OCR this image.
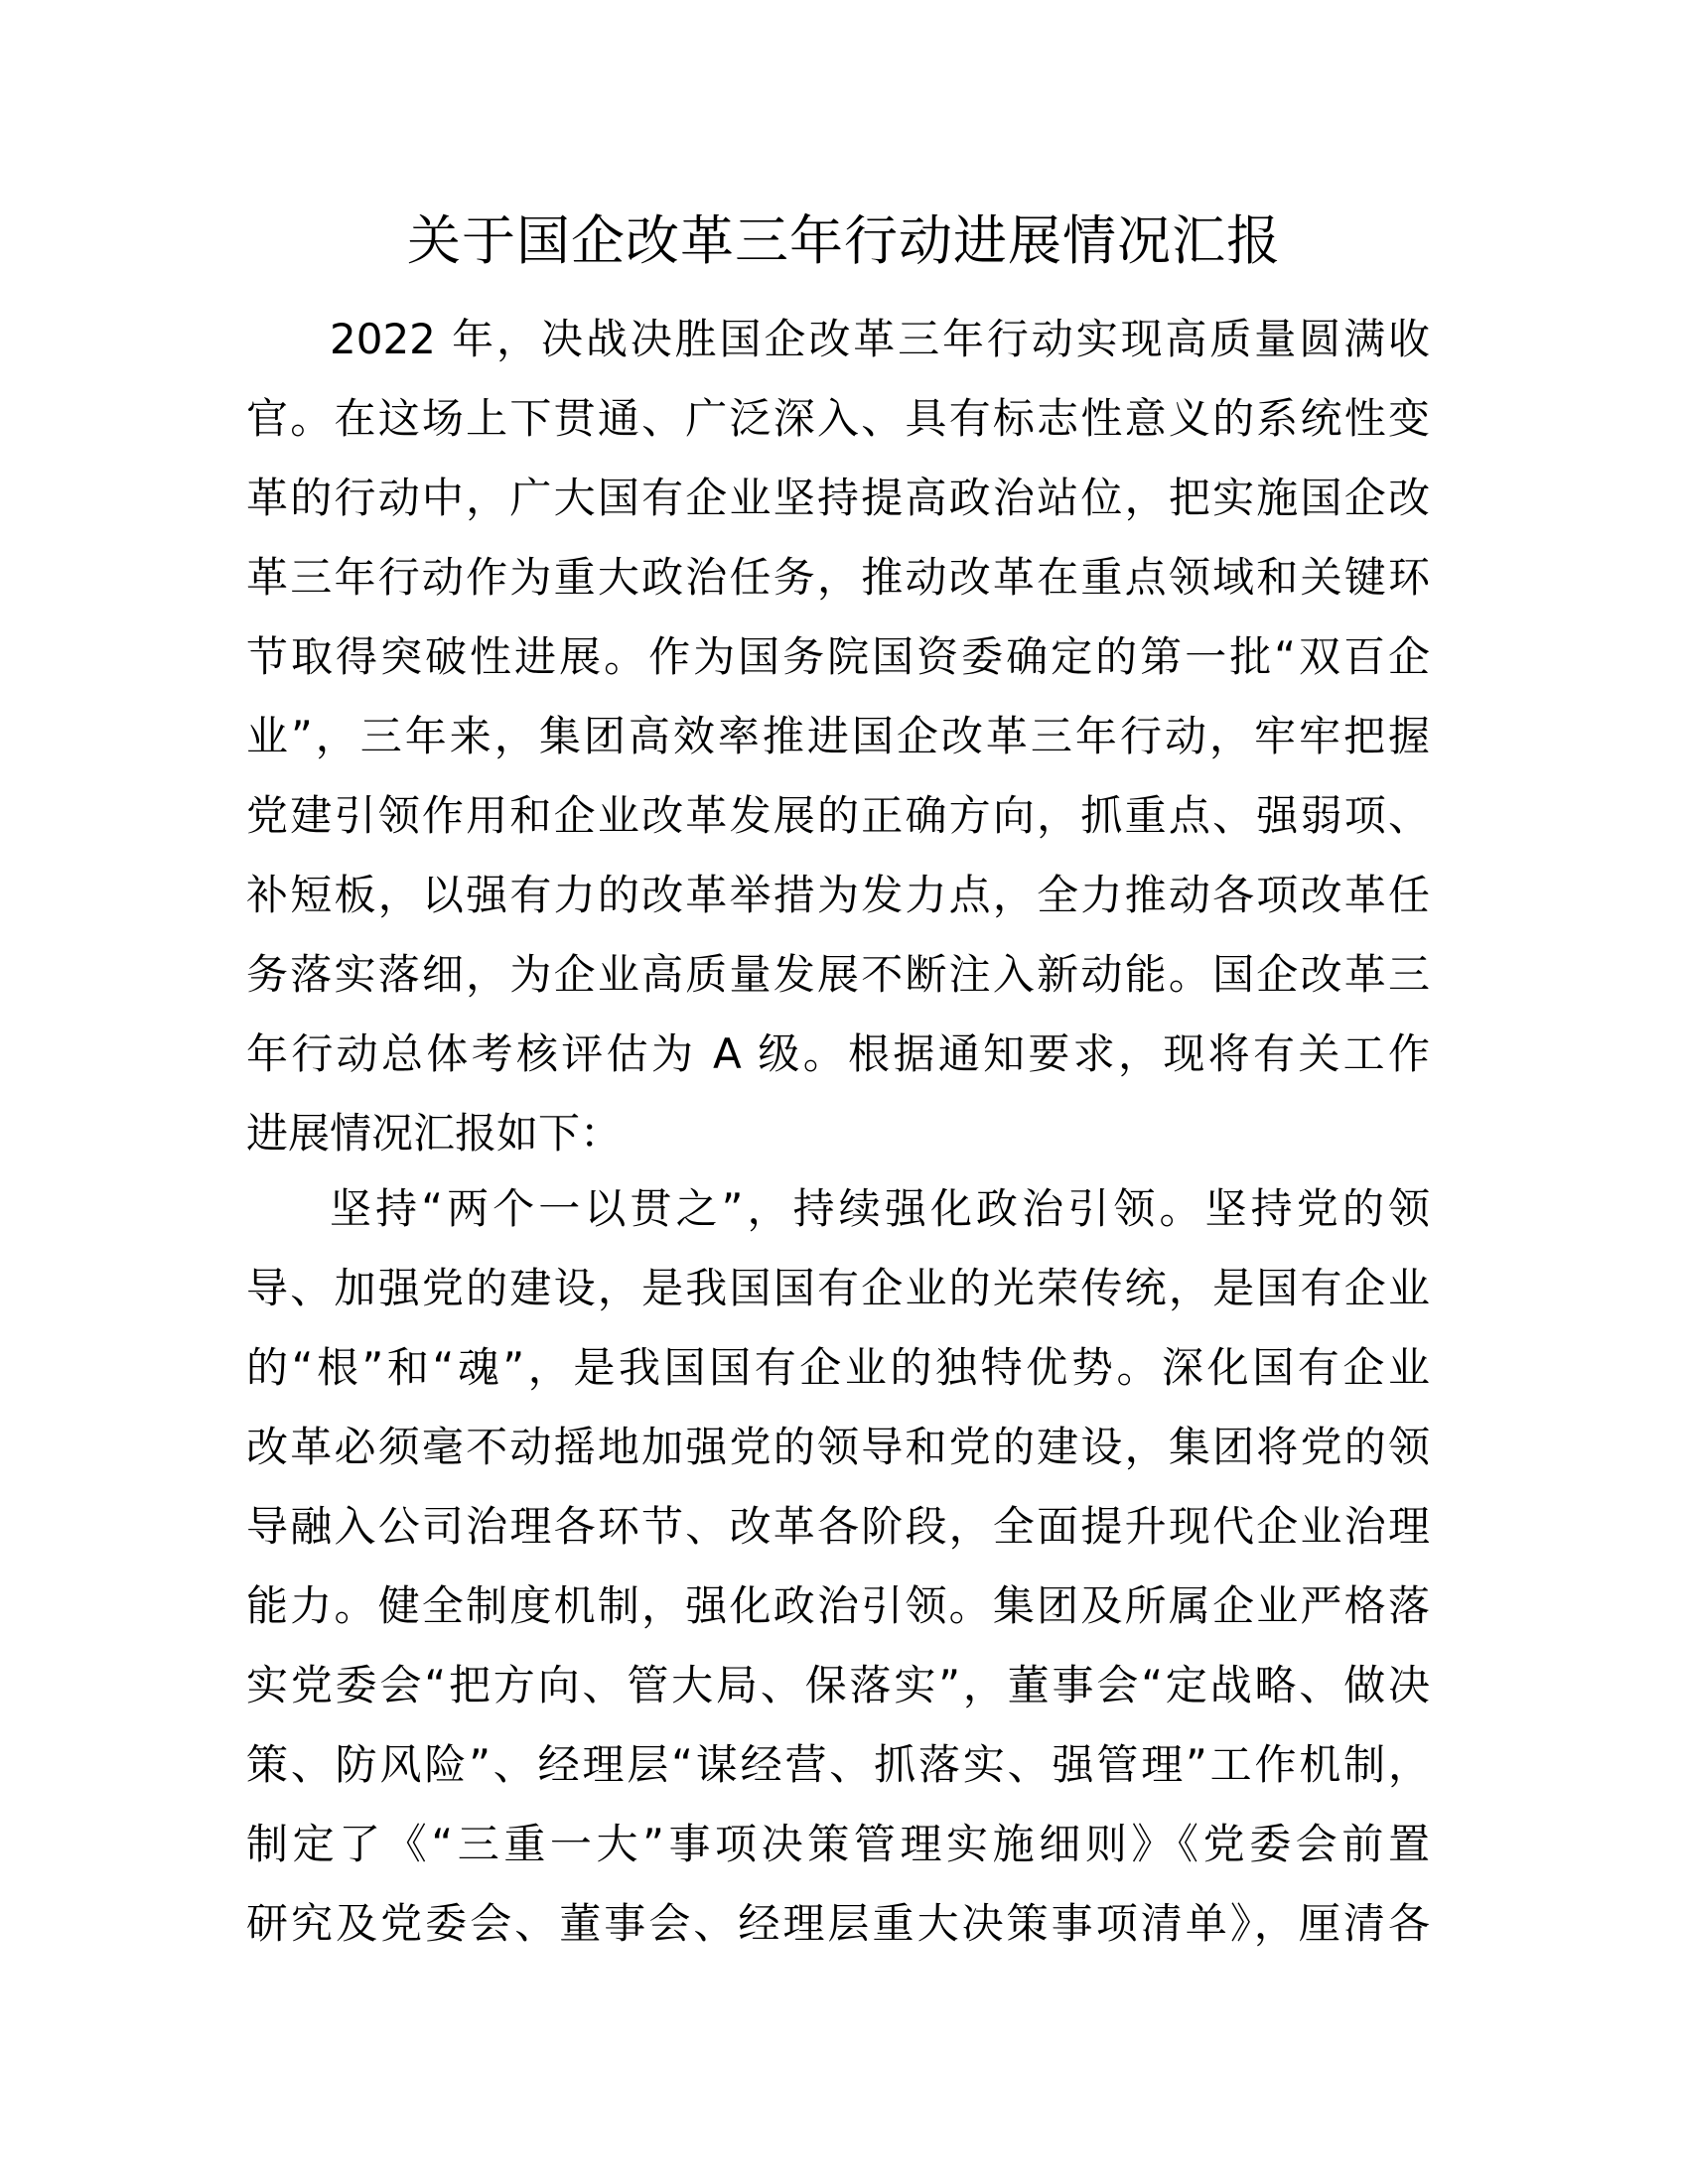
关于国企改革三年行动进展情况汇报
2022 年，决战决胜国企改革三年行动实现高质量圆满收
官。在这场上下贯通、广泛深入、具有标志性意义的系统性变
革的行动中，广大国有企业坚持提高政治站位，把实施国企改
革三年行动作为重大政治任务，推动改革在重点领域和关键环
节取得突破性进展。作为国务院国资委确定的第一批“双百企
业”，三年来，集团高效率推进国企改革三年行动，牢牢把握
党建引领作用和企业改革发展的正确方向，抓重点、强弱项、
补短板，以强有力的改革举措为发力点，全力推动各项改革任
务落实落细，为企业高质量发展不断注入新动能。国企改革三
年行动总体考核评估为 A 级。根据通知要求，现将有关工作
进展情况汇报如下：
坚持“两个一以贯之”，持续强化政治引领。坚持党的领
导、加强党的建设，是我国国有企业的光荣传统，是国有企业
的“根”和“魂”，是我国国有企业的独特优势。深化国有企业
改革必须毫不动摇地加强党的领导和党的建设，集团将党的领
导融入公司治理各环节、改革各阶段，全面提升现代企业治理
能力。健全制度机制，强化政治引领。集团及所属企业严格落
实党委会“把方向、管大局、保落实”，董事会“定战略、做决
策、防风险”、经理层“谋经营、抓落实、强管理”工作机制，
制定了《“三重一大”事项决策管理实施细则》《党委会前置
研究及党委会、董事会、经理层重大决策事项清单》，厘清各
